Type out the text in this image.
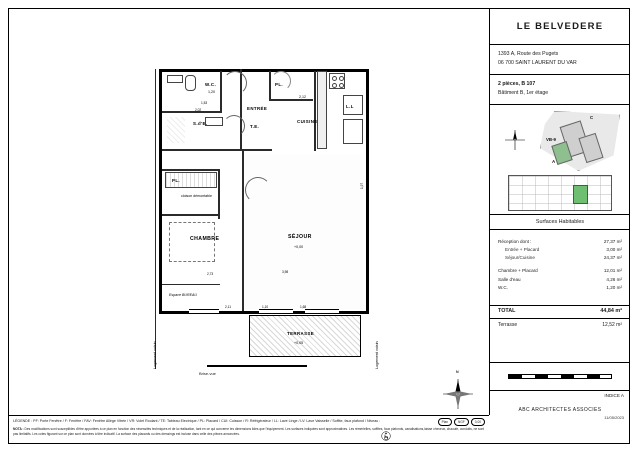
Logement voisin	Logement voisin
W.C.
1,20
ENTRÉE
S.d'E.	CUISINE
PL.
2,12
T.E.
L.L
PL.
cloison démontable
CHAMBRE	SÉJOUR
+0,00
Espace BUREAU
TERRASSE
+0,05
1,53
2,02
2,73	3,98
1,97
2,11	1,10	1,68
Brise-vue	N
LE BELVEDERE
1393 A, Route des Pugets
06 700 SAINT LAURENT DU VAR
2 pièces, B 107
Bâtiment B, 1er étage
C
VB-9
A
Surfaces Habitables
Réception dont :	27,37 m²
Entrée + Placard	3,00 m²
Séjour/Cuisine	24,37 m²
Chambre + Placard	12,01 m²
Salle d'eau	4,26 m²
W.C.	1,20 m²
TOTAL	44,84 m²
Terrasse	12,52 m²
INDICE A
ABC ARCHITECTES ASSOCIES
11/05/2023
LÉGENDE : PF: Porte Fenêtre / F: Fenêtre / FAV: Fenêtre Allège Vitrée / VR: Volet Roulant / TE: Tableau Electrique / PL: Placard / CUI: Cuisson / R: Réfrigérateur / LL: Lave Linge / LV: Lave Vaisselle / Soffite, faux plafond / Niveau :
NOTA : Des modifications sont susceptibles d'être apportées à ce plan en fonction des nécessités techniques et de la réalisation, tant en ce qui concerne les dimensions lides que l'équipement. Les surfaces indiquées sont approximatives. Les rémérielles, soffites, faux plafonds, canalisations,laisse cheveux, chauufe, conduits, ne sont pas limitatifs. Les cotes figurant sur ce plan sont données à titre indicatif. La surface des placards ou des dressings est incluse dans celle des pièces annoncées.
Plan	NGF	0,00
